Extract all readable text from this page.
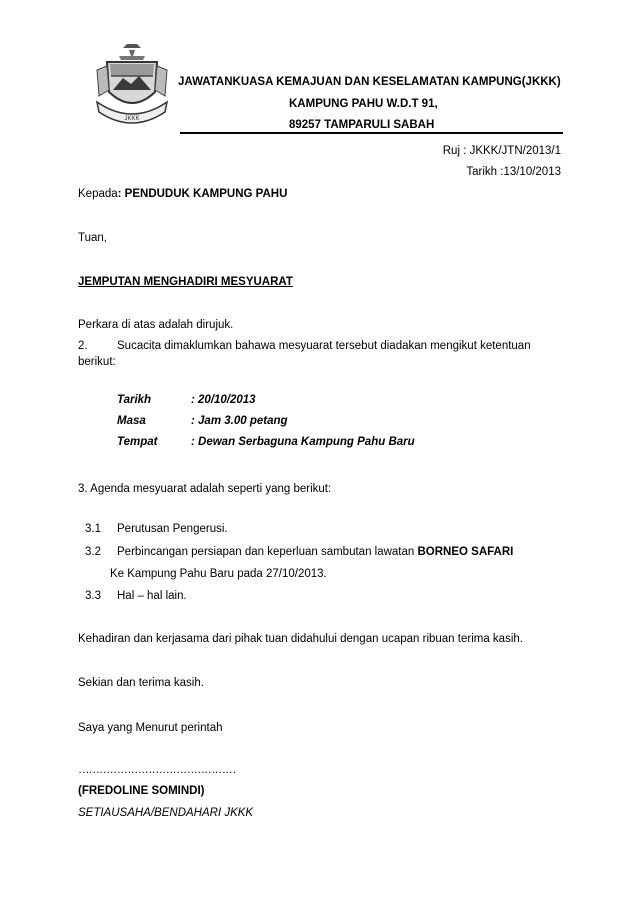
JKKK
JAWATANKUASA KEMAJUAN DAN KESELAMATAN KAMPUNG(JKKK)
KAMPUNG PAHU W.D.T 91,
89257 TAMPARULI SABAH
Ruj : JKKK/JTN/2013/1
Tarikh :13/10/2013
Kepada: PENDUDUK KAMPUNG PAHU
Tuan,
JEMPUTAN MENGHADIRI MESYUARAT
Perkara di atas adalah dirujuk.
2.	Sucacita dimaklumkan bahawa mesyuarat tersebut diadakan mengikut ketentuan
berikut:
Tarikh	: 20/10/2013
Masa	: Jam 3.00 petang
Tempat	: Dewan Serbaguna Kampung Pahu Baru
3. Agenda mesyuarat adalah seperti yang berikut:
3.1 Perutusan Pengerusi.
3.2 Perbincangan persiapan dan keperluan sambutan lawatan BORNEO SAFARI
Ke Kampung Pahu Baru pada 27/10/2013.
3.3 Hal – hal lain.
Kehadiran dan kerjasama dari pihak tuan didahului dengan ucapan ribuan terima kasih.
Sekian dan terima kasih.
Saya yang Menurut perintah
………………………………………
(FREDOLINE SOMINDI)
SETIAUSAHA/BENDAHARI JKKK
